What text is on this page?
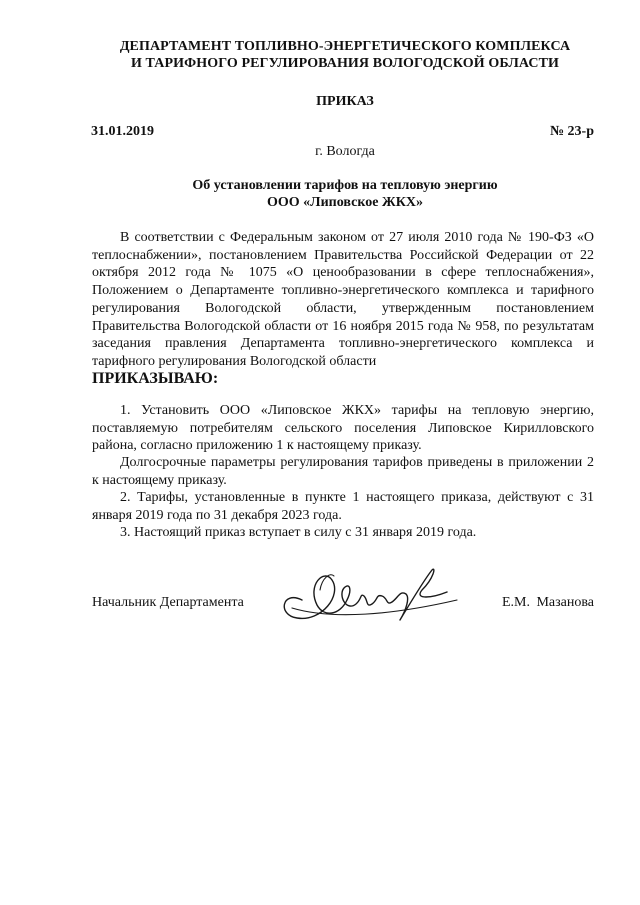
ДЕПАРТАМЕНТ ТОПЛИВНО-ЭНЕРГЕТИЧЕСКОГО КОМПЛЕКСА
И ТАРИФНОГО РЕГУЛИРОВАНИЯ ВОЛОГОДСКОЙ ОБЛАСТИ
ПРИКАЗ
31.01.2019	№ 23-р
г. Вологда
Об установлении тарифов на тепловую энергию
ООО «Липовское ЖКХ»
В соответствии с Федеральным законом от 27 июля 2010 года № 190-ФЗ «О теплоснабжении», постановлением Правительства Российской Федерации от 22 октября 2012 года № 1075 «О ценообразовании в сфере теплоснабжения», Положением о Департаменте топливно-энергетического комплекса и тарифного регулирования Вологодской области, утвержденным постановлением Правительства Вологодской области от 16 ноября 2015 года № 958, по результатам заседания правления Департамента топливно-энергетического комплекса и тарифного регулирования Вологодской области
ПРИКАЗЫВАЮ:
1. Установить ООО «Липовское ЖКХ» тарифы на тепловую энергию, поставляемую потребителям сельского поселения Липовское Кирилловского района, согласно приложению 1 к настоящему приказу.
Долгосрочные параметры регулирования тарифов приведены в приложении 2 к настоящему приказу.
2. Тарифы, установленные в пункте 1 настоящего приказа, действуют с 31 января 2019 года по 31 декабря 2023 года.
3. Настоящий приказ вступает в силу с 31 января 2019 года.
Начальник Департамента	Е.М. Мазанова
